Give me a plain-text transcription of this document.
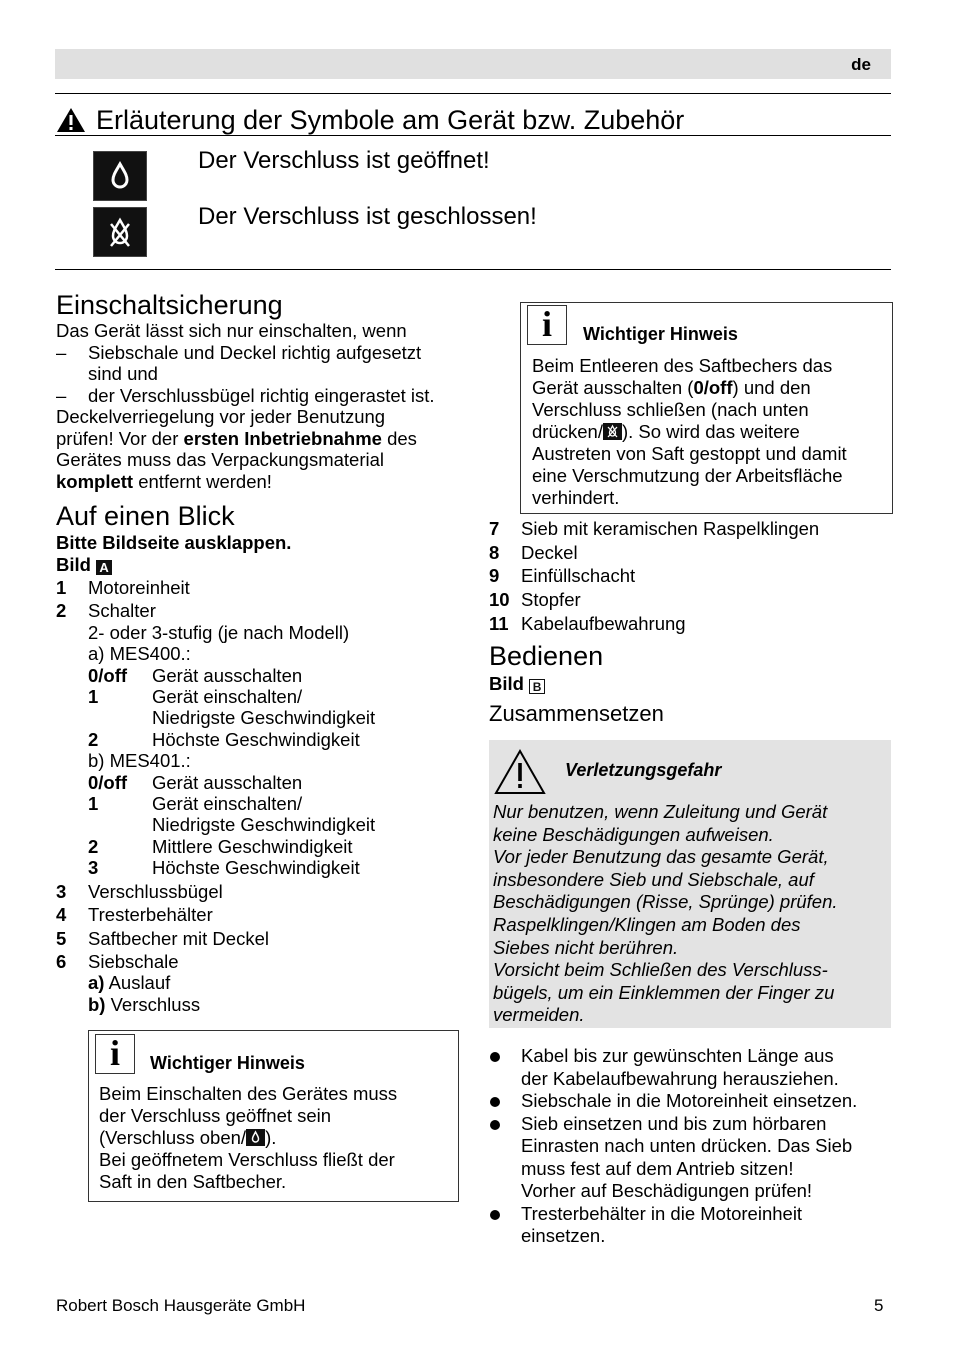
de
Erläuterung der Symbole am Gerät bzw. Zubehör
Der Verschluss ist geöffnet!
Der Verschluss ist geschlossen!
Einschaltsicherung
Das Gerät lässt sich nur einschalten, wenn
–	Siebschale und Deckel richtig aufgesetzt
sind und
–	der Verschlussbügel richtig eingerastet ist.
Deckelverriegelung vor jeder Benutzung
prüfen! Vor der ersten Inbetriebnahme des
Gerätes muss das Verpackungsmaterial
komplett entfernt werden!
Auf einen Blick
Bitte Bildseite ausklappen.
Bild A
1	Motoreinheit
2	Schalter
2- oder 3-stufig (je nach Modell)
a) MES400.:
0/off	Gerät ausschalten
1	Gerät einschalten/
Niedrigste Geschwindigkeit
2	Höchste Geschwindigkeit
b) MES401.:
0/off	Gerät ausschalten
1	Gerät einschalten/
Niedrigste Geschwindigkeit
2	Mittlere Geschwindigkeit
3	Höchste Geschwindigkeit
3	Verschlussbügel
4	Tresterbehälter
5	Saftbecher mit Deckel
6	Siebschale
a) Auslauf
b) Verschluss
i	Wichtiger Hinweis
Beim Einschalten des Gerätes muss
der Verschluss geöffnet sein
(Verschluss oben/ ).
Bei geöffnetem Verschluss fließt der
Saft in den Saftbecher.
i	Wichtiger Hinweis
Beim Entleeren des Saftbechers das
Gerät ausschalten (0/off) und den
Verschluss schließen (nach unten
drücken/ ). So wird das weitere
Austreten von Saft gestoppt und damit
eine Verschmutzung der Arbeitsfläche
verhindert.
7	Sieb mit keramischen Raspelklingen
8	Deckel
9	Einfüllschacht
10 Stopfer
11 Kabelaufbewahrung
Bedienen
Bild B
Zusammensetzen
Verletzungsgefahr
Nur benutzen, wenn Zuleitung und Gerät
keine Beschädigungen aufweisen.
Vor jeder Benutzung das gesamte Gerät,
insbesondere Sieb und Siebschale, auf
Beschädigungen (Risse, Sprünge) prüfen.
Raspelklingen/Klingen am Boden des
Siebes nicht berühren.
Vorsicht beim Schließen des Verschluss-
bügels, um ein Einklemmen der Finger zu
vermeiden.
Kabel bis zur gewünschten Länge aus
der Kabelaufbewahrung herausziehen.
Siebschale in die Motoreinheit einsetzen.
Sieb einsetzen und bis zum hörbaren
Einrasten nach unten drücken. Das Sieb
muss fest auf dem Antrieb sitzen!
Vorher auf Beschädigungen prüfen!
Tresterbehälter in die Motoreinheit
einsetzen.
Robert Bosch Hausgeräte GmbH	5
